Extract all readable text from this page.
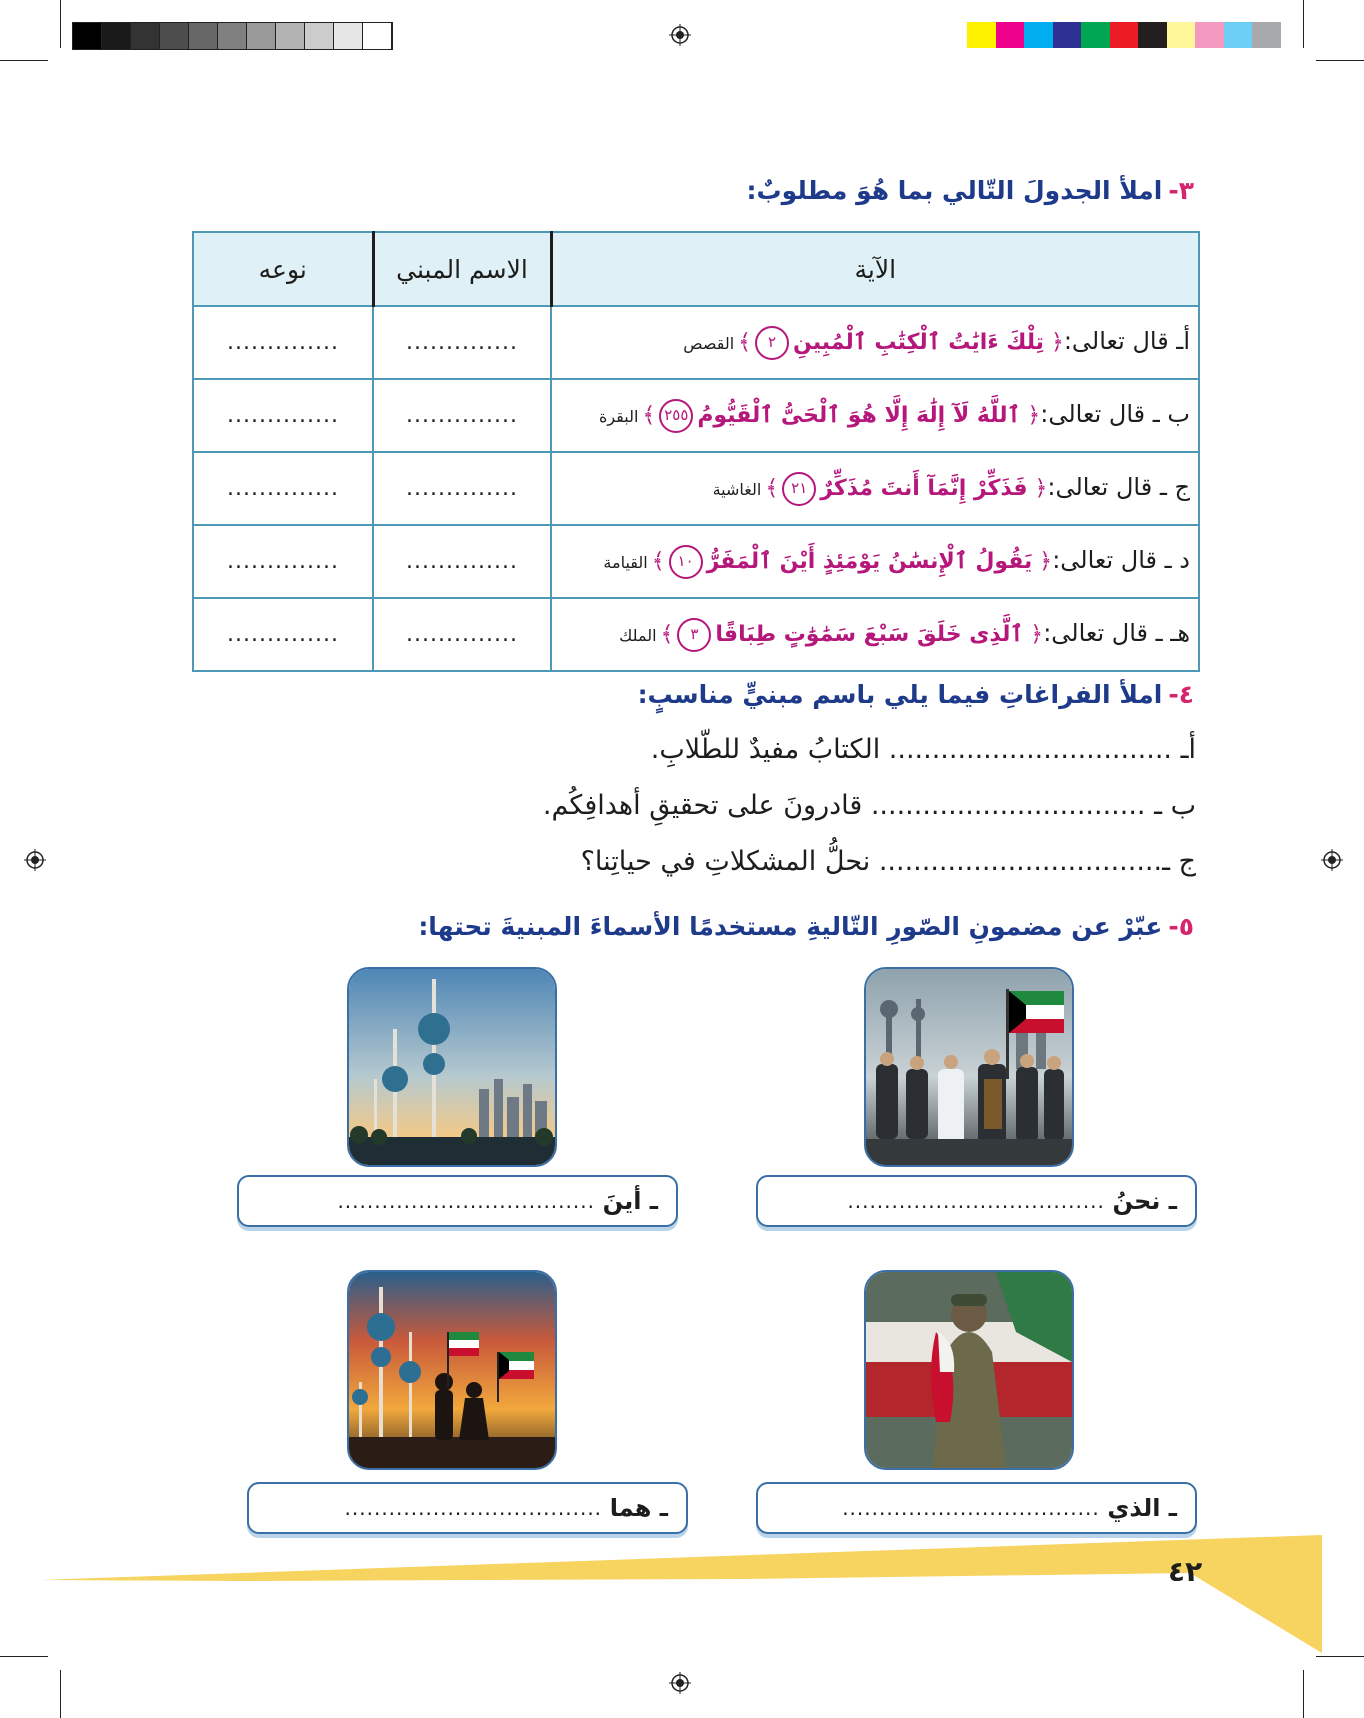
٣-املأ الجدولَ التّالي بما هُوَ مطلوبٌ:
الآية	الاسم المبني	نوعه
أـ قال تعالى:﴿ تِلْكَ ءَايَٰتُ ٱلْكِتَٰبِ ٱلْمُبِينِ٢﴾القصص	..............	..............
ب ـ قال تعالى:﴿ ٱللَّهُ لَآ إِلَٰهَ إِلَّا هُوَ ٱلْحَىُّ ٱلْقَيُّومُ٢٥٥﴾البقرة	..............	..............
ج ـ قال تعالى:﴿ فَذَكِّرْ إِنَّمَآ أَنتَ مُذَكِّرٌ٢١﴾الغاشية	..............	..............
د ـ قال تعالى:﴿ يَقُولُ ٱلْإِنسَٰنُ يَوْمَئِذٍ أَيْنَ ٱلْمَفَرُّ١٠﴾القيامة	..............	..............
هـ ـ قال تعالى:﴿ ٱلَّذِى خَلَقَ سَبْعَ سَمَٰوَٰتٍ طِبَاقًا٣﴾الملك	..............	..............
٤-املأ الفراغاتِ فيما يلي باسم مبنيٍّ مناسبٍ:
أـ ................................. الكتابُ مفيدٌ للطّلابِ.
ب ـ ................................ قادرونَ على تحقيقِ أهدافِكُم.
ج ـ................................. نحلُّ المشكلاتِ في حياتِنا؟
٥-عبّرْ عن مضمونِ الصّورِ التّاليةِ مستخدمًا الأسماءَ المبنيةَ تحتها:
ـ نحنُ

...................................
ـ أينَ

...................................
ـ الذي

...................................
ـ هما

...................................
٤٢
